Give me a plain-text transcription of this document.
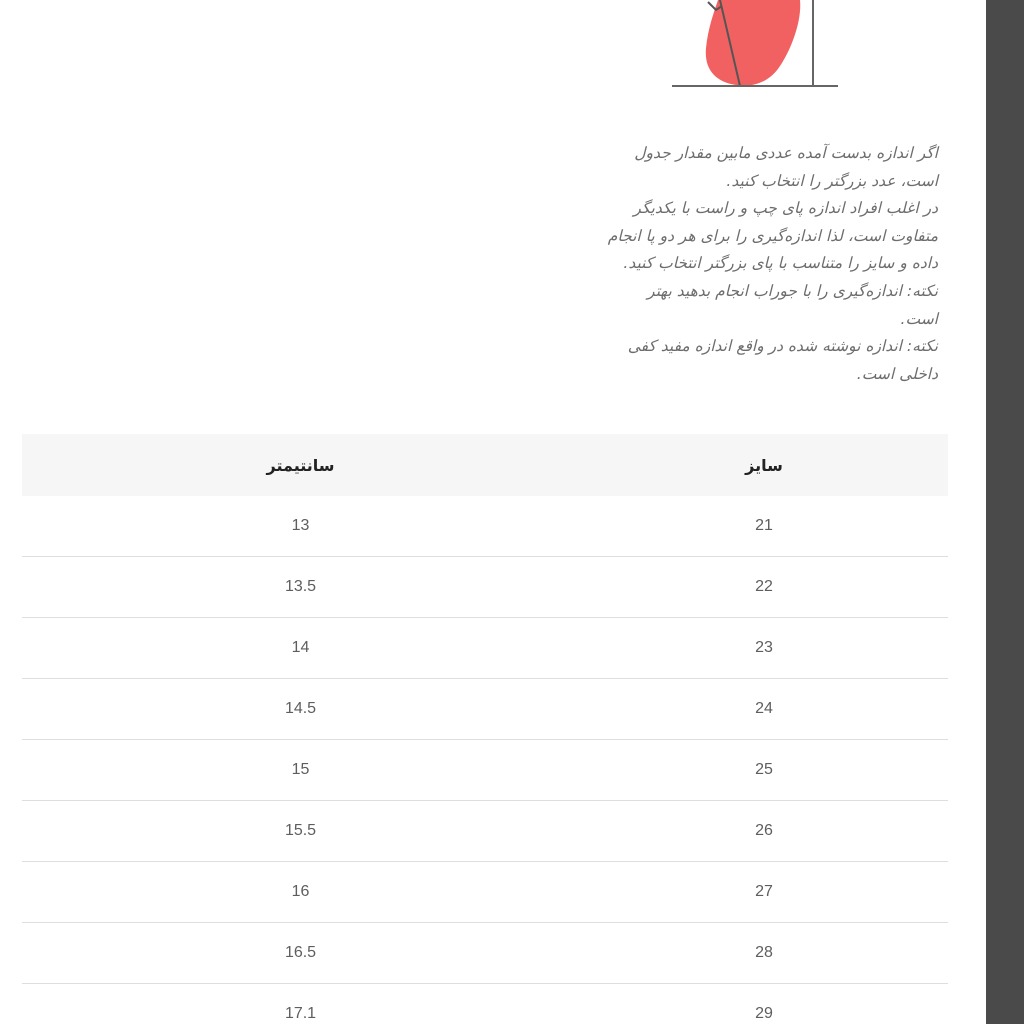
اگر اندازه بدست آمده عددی مابین مقدار جدول
است، عدد بزرگتر را انتخاب کنید.
در اغلب افراد اندازه پای چپ و راست با یکدیگر
متفاوت است، لذا اندازه‌گیری را برای هر دو پا انجام
داده و سایز را متناسب با پای بزرگتر انتخاب کنید.
نکته: اندازه‌گیری را با جوراب انجام بدهید بهتر
است.
نکته: اندازه نوشته شده در واقع اندازه مفید کفی
داخلی است.
سایز
سانتیمتر
21
13
22
13.5
23
14
24
14.5
25
15
26
15.5
27
16
28
16.5
29
17.1
